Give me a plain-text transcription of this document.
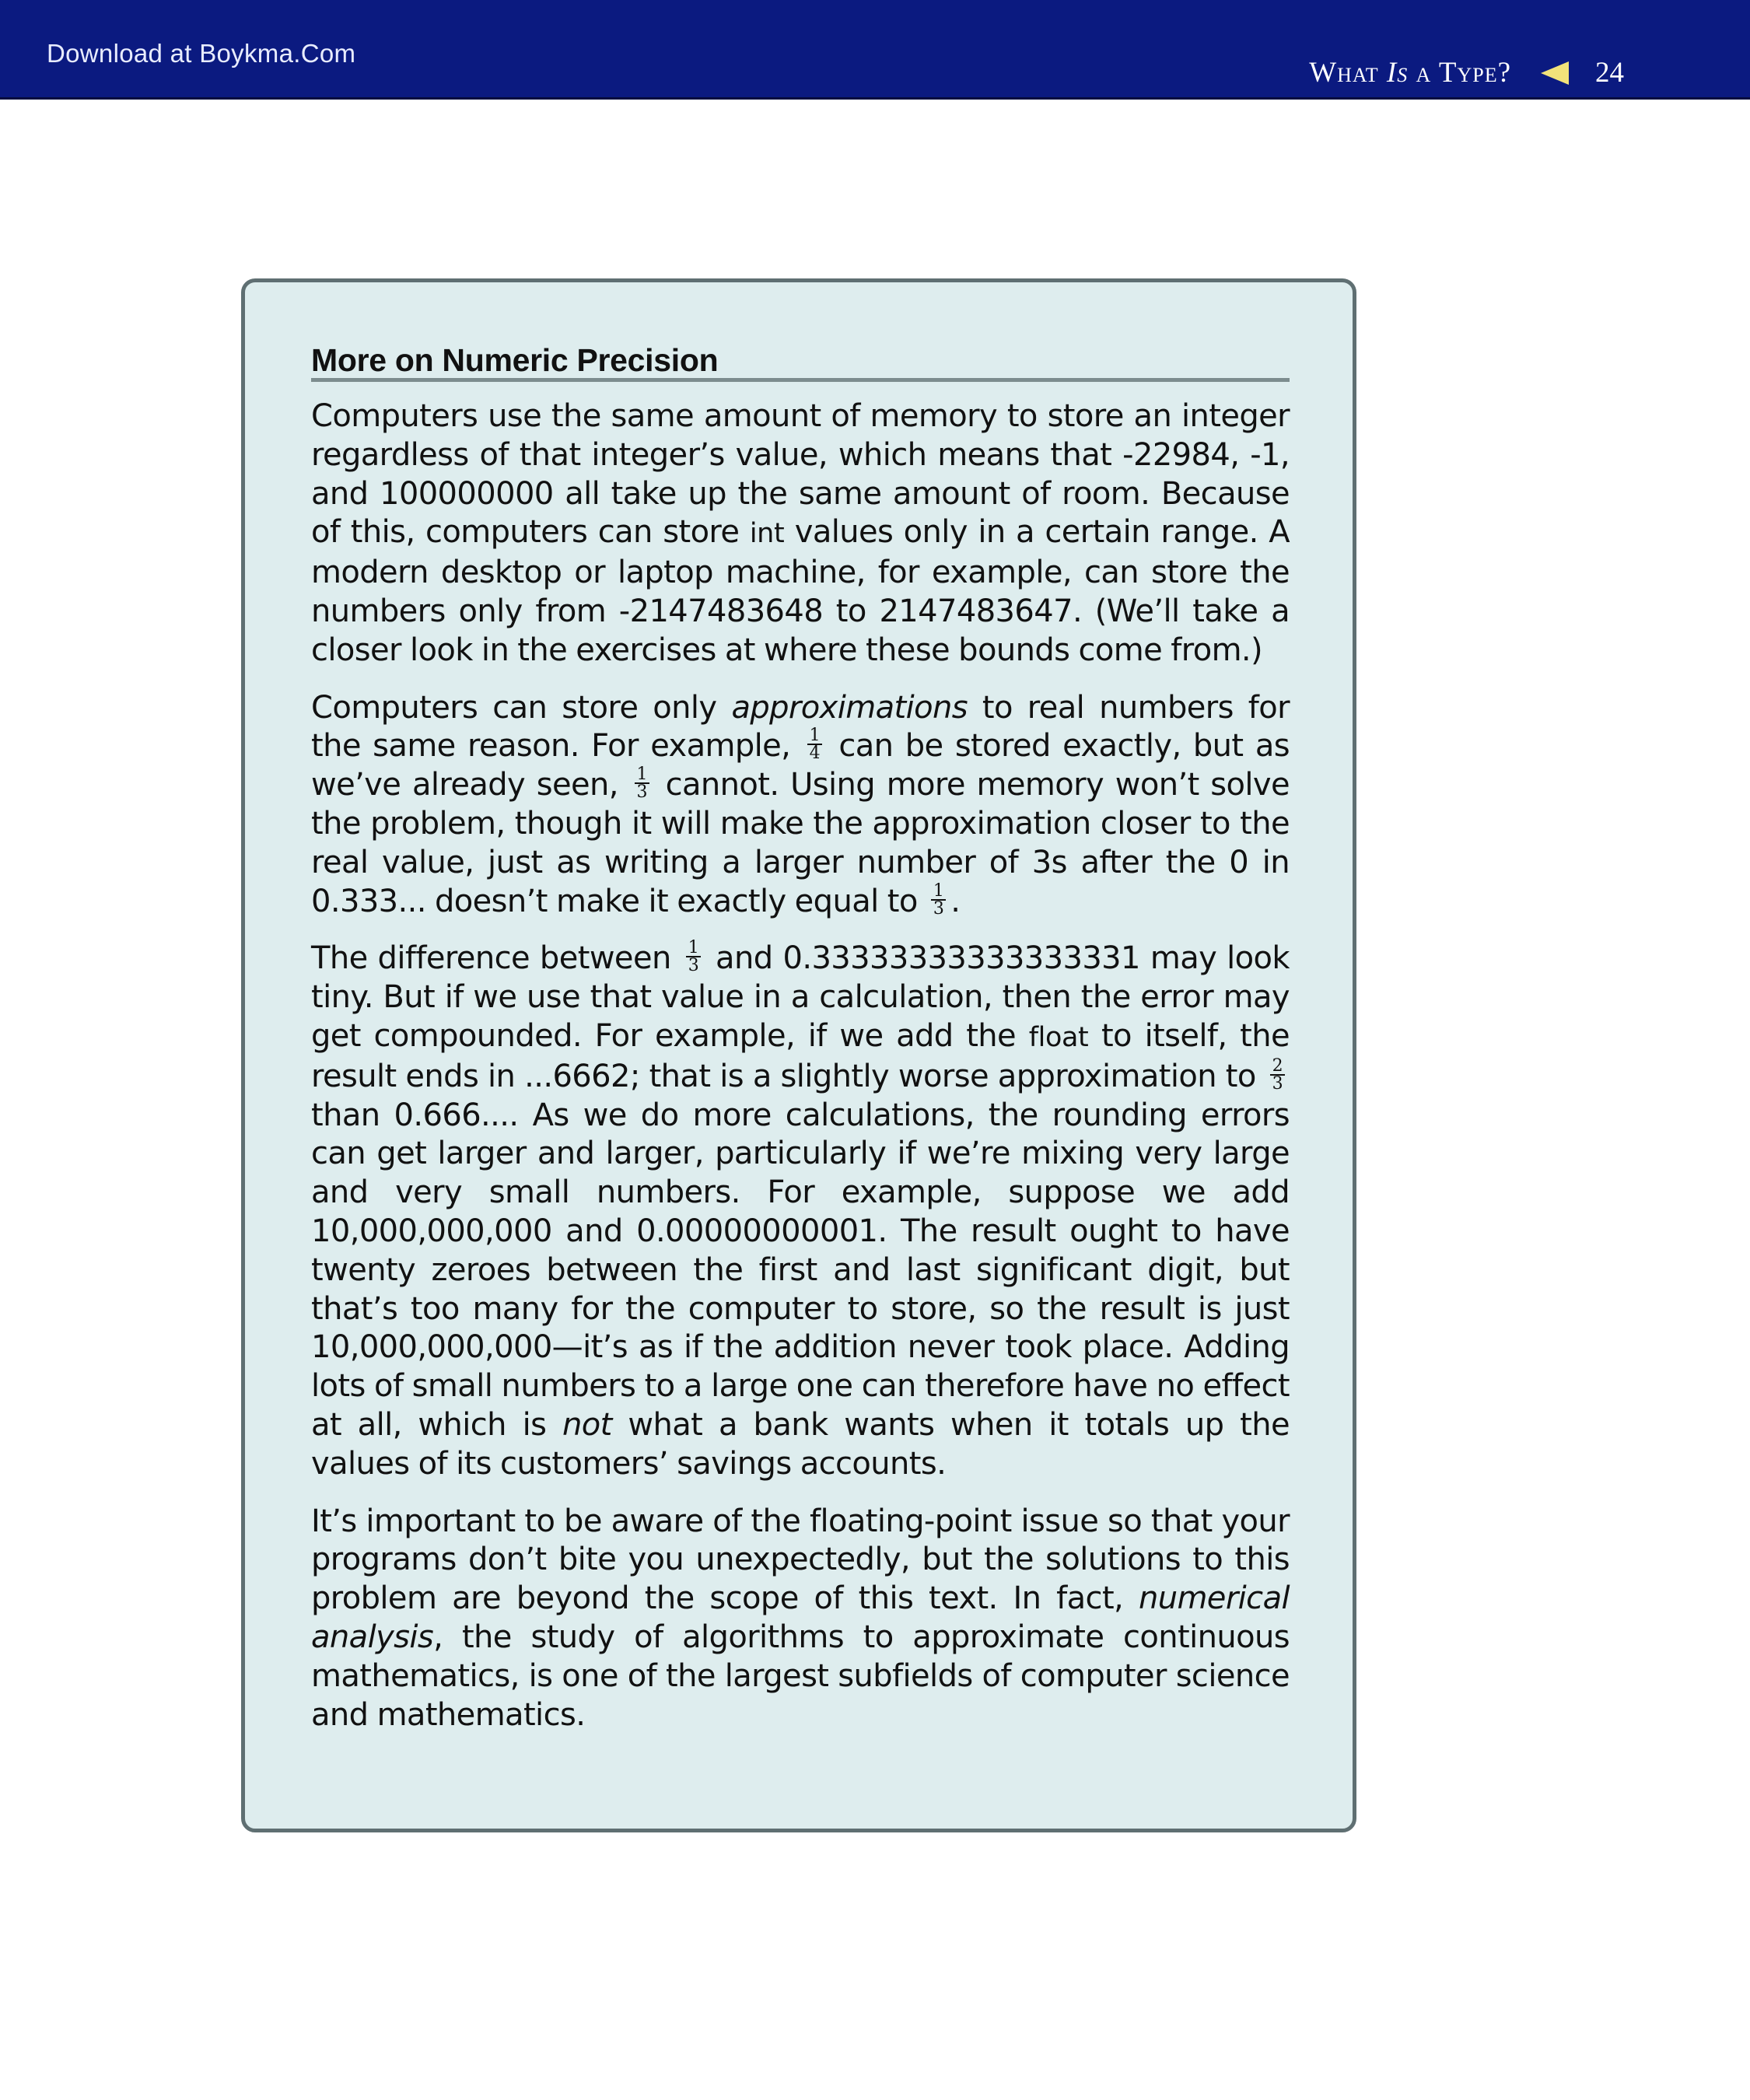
Download at Boykma.Com
What Is a Type?	24
More on Numeric Precision

Computers use the same amount of memory to store an integer regardless of that integer’s value, which means that -22984, -1, and 100000000 all take up the same amount of room. Because of this, computers can store int values only in a certain range. A modern desktop or laptop machine, for example, can store the numbers only from -2147483648 to 2147483647. (We’ll take a closer look in the exercises at where these bounds come from.)

Computers can store only approximations to real numbers for the same reason. For example, $\frac{1}{4}$ can be stored exactly, but as we’ve already seen, $\frac{1}{3}$ cannot. Using more memory won’t solve the problem, though it will make the approximation closer to the real value, just as writing a larger number of 3s after the 0 in 0.333... doesn’t make it exactly equal to $\frac{1}{3}$ .

The difference between $\frac{1}{3}$ and 0.33333333333333331 may look tiny. But if we use that value in a calculation, then the error may get compounded. For example, if we add the float to itself, the result ends in ...6662; that is a slightly worse approximation to $\frac{2}{3}$
than 0.666.... As we do more calculations, the rounding errors can get larger and larger, particularly if we’re mixing very large and very small numbers. For example, suppose we add 10,000,000,000 and 0.00000000001. The result ought to have twenty zeroes between the first and last significant digit, but that’s too many for the computer to store, so the result is just 10,000,000,000—it’s as if the addition never took place. Adding lots of small numbers to a large one can therefore have no effect at all, which is not what a bank wants when it totals up the values of its customers’ savings accounts.

It’s important to be aware of the floating-point issue so that your programs don’t bite you unexpectedly, but the solutions to this problem are beyond the scope of this text. In fact, numerical analysis, the study of algorithms to approximate continuous mathematics, is one of the largest subfields of computer science and mathematics.
